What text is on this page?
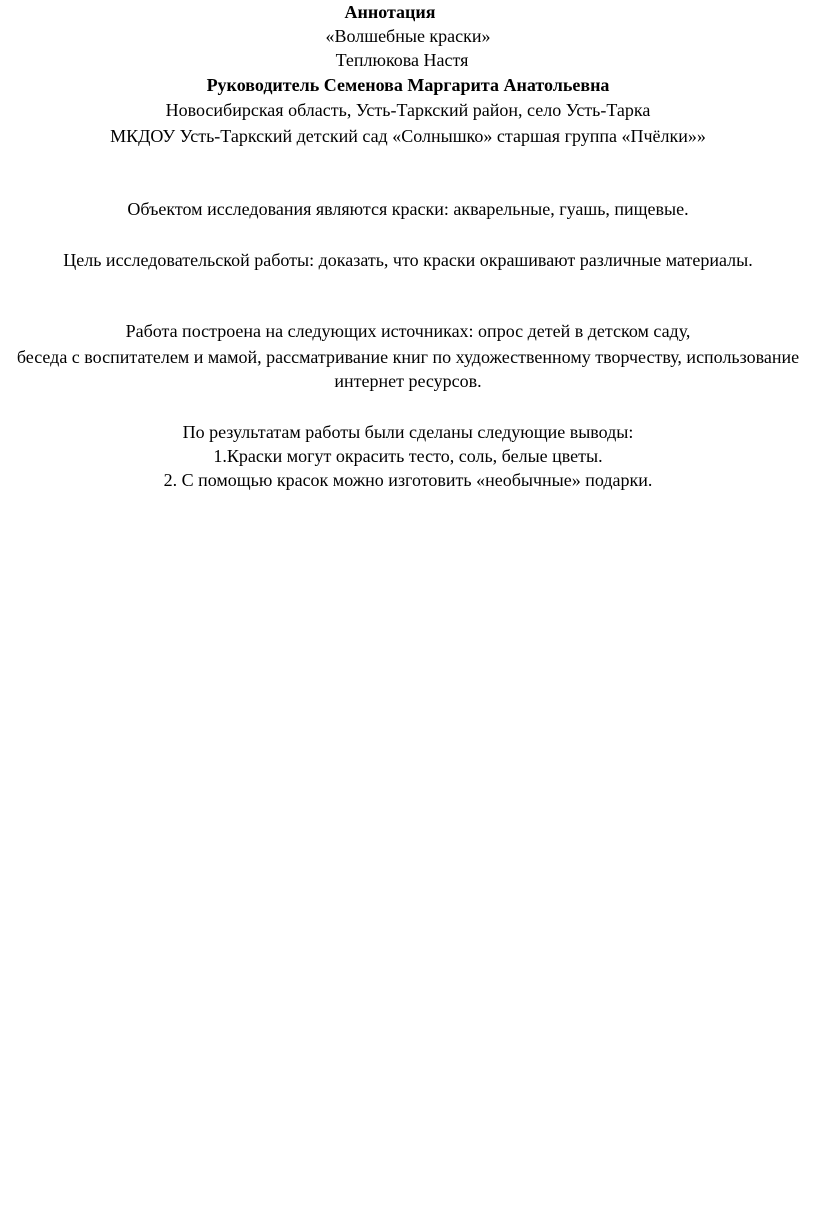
Аннотация
«Волшебные краски»
Теплюкова Настя
Руководитель Семенова Маргарита Анатольевна
Новосибирская область, Усть-Таркский район, село Усть-Тарка
МКДОУ Усть-Таркский детский сад «Солнышко» старшая группа «Пчёлки»»
Объектом исследования являются краски: акварельные, гуашь, пищевые.
Цель исследовательской работы: доказать, что краски окрашивают различные материалы.
Работа построена на следующих источниках: опрос детей в детском саду,
беседа с воспитателем и мамой, рассматривание книг по художественному творчеству, использование
интернет ресурсов.
По результатам работы были сделаны следующие выводы:
1.Краски могут окрасить тесто, соль, белые цветы.
2. С помощью красок можно изготовить «необычные» подарки.
